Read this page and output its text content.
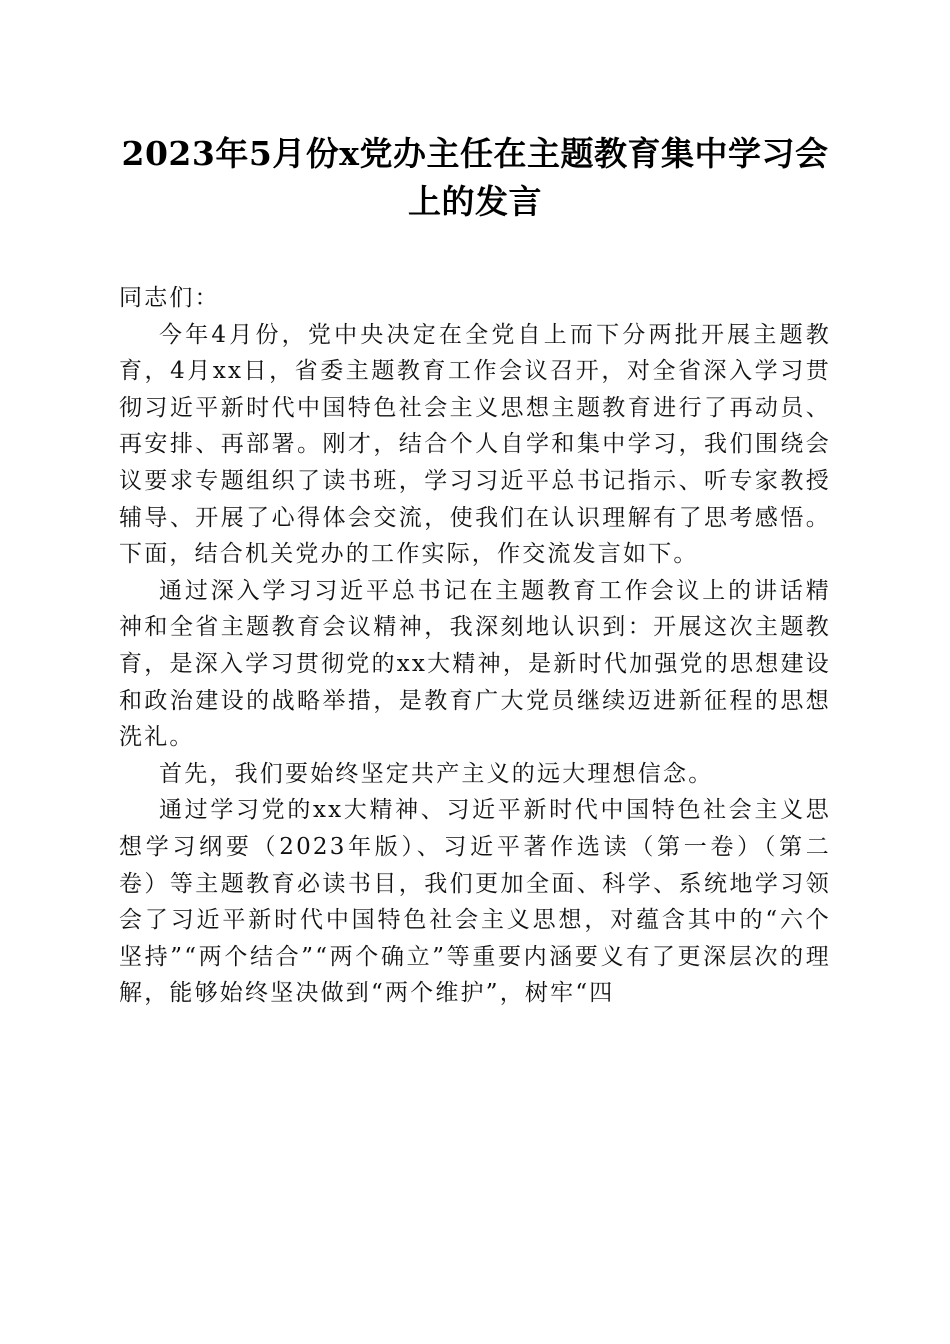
2023年5月份x党办主任在主题教育集中学习会上的发言

同志们：

今年4月份，党中央决定在全党自上而下分两批开展主题教育，4月xx日，省委主题教育工作会议召开，对全省深入学习贯彻习近平新时代中国特色社会主义思想主题教育进行了再动员、再安排、再部署。刚才，结合个人自学和集中学习，我们围绕会议要求专题组织了读书班，学习习近平总书记指示、听专家教授辅导、开展了心得体会交流，使我们在认识理解有了思考感悟。下面，结合机关党办的工作实际，作交流发言如下。

通过深入学习习近平总书记在主题教育工作会议上的讲话精神和全省主题教育会议精神，我深刻地认识到：开展这次主题教育，是深入学习贯彻党的xx大精神，是新时代加强党的思想建设和政治建设的战略举措，是教育广大党员继续迈进新征程的思想洗礼。

首先，我们要始终坚定共产主义的远大理想信念。

通过学习党的xx大精神、习近平新时代中国特色社会主义思想学习纲要（2023年版）、习近平著作选读（第一卷）（第二卷）等主题教育必读书目，我们更加全面、科学、系统地学习领会了习近平新时代中国特色社会主义思想，对蕴含其中的“六个坚持”“两个结合”“两个确立”等重要内涵要义有了更深层次的理解，能够始终坚决做到“两个维护”，树牢“四
